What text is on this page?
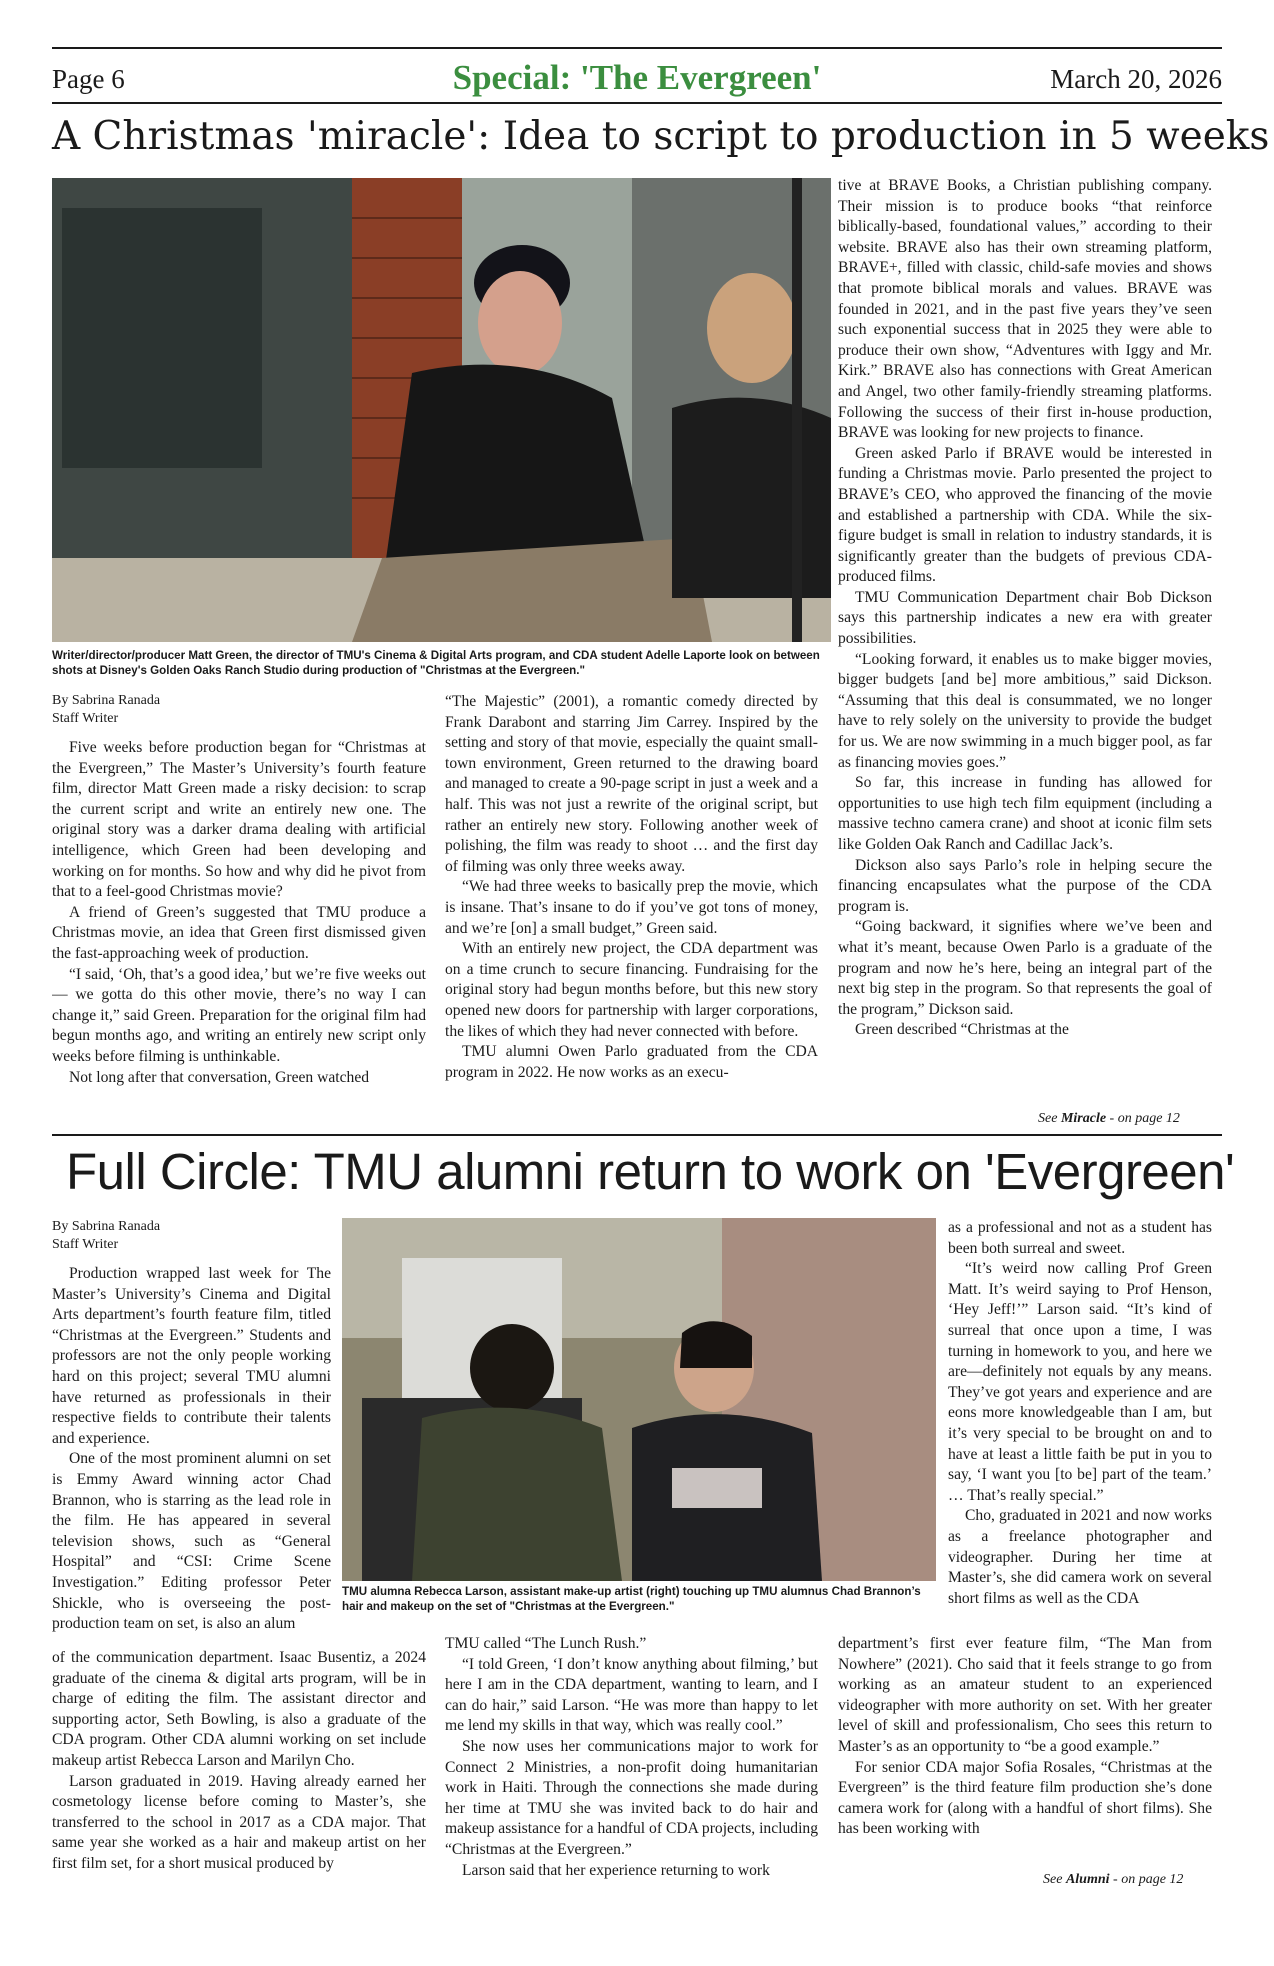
Page 6	Special: 'The Evergreen'	March 20, 2026
A Christmas 'miracle': Idea to script to production in 5 weeks
Writer/director/producer Matt Green, the director of TMU's Cinema & Digital Arts program, and CDA student Adelle Laporte look on between shots at Disney's Golden Oaks Ranch Studio during production of "Christmas at the Evergreen."
By Sabrina Ranada
Staff Writer

Five weeks before production began for “Christmas at the Evergreen,” The Master’s University’s fourth feature film, director Matt Green made a risky decision: to scrap the current script and write an entirely new one. The original story was a darker drama dealing with artificial intelligence, which Green had been developing and working on for months. So how and why did he pivot from that to a feel-good Christmas movie?

A friend of Green’s suggested that TMU produce a Christmas movie, an idea that Green first dismissed given the fast-approaching week of production.

“I said, ‘Oh, that’s a good idea,’ but we’re five weeks out — we gotta do this other movie, there’s no way I can change it,” said Green. Preparation for the original film had begun months ago, and writing an entirely new script only weeks before filming is unthinkable.

Not long after that conversation, Green watched

“The Majestic” (2001), a romantic comedy directed by Frank Darabont and starring Jim Carrey. Inspired by the setting and story of that movie, especially the quaint small-town environment, Green returned to the drawing board and managed to create a 90-page script in just a week and a half. This was not just a rewrite of the original script, but rather an entirely new story. Following another week of polishing, the film was ready to shoot … and the first day of filming was only three weeks away.

“We had three weeks to basically prep the movie, which is insane. That’s insane to do if you’ve got tons of money, and we’re [on] a small budget,” Green said.

With an entirely new project, the CDA department was on a time crunch to secure financing. Fundraising for the original story had begun months before, but this new story opened new doors for partnership with larger corporations, the likes of which they had never connected with before.

TMU alumni Owen Parlo graduated from the CDA program in 2022. He now works as an execu-

tive at BRAVE Books, a Christian publishing company. Their mission is to produce books “that reinforce biblically-based, foundational values,” according to their website. BRAVE also has their own streaming platform, BRAVE+, filled with classic, child-safe movies and shows that promote biblical morals and values. BRAVE was founded in 2021, and in the past five years they’ve seen such exponential success that in 2025 they were able to produce their own show, “Adventures with Iggy and Mr. Kirk.” BRAVE also has connections with Great American and Angel, two other family-friendly streaming platforms. Following the success of their first in-house production, BRAVE was looking for new projects to finance.

Green asked Parlo if BRAVE would be interested in funding a Christmas movie. Parlo presented the project to BRAVE’s CEO, who approved the financing of the movie and established a partnership with CDA. While the six-figure budget is small in relation to industry standards, it is significantly greater than the budgets of previous CDA-produced films.

TMU Communication Department chair Bob Dickson says this partnership indicates a new era with greater possibilities.

“Looking forward, it enables us to make bigger movies, bigger budgets [and be] more ambitious,” said Dickson. “Assuming that this deal is consummated, we no longer have to rely solely on the university to provide the budget for us. We are now swimming in a much bigger pool, as far as financing movies goes.”

So far, this increase in funding has allowed for opportunities to use high tech film equipment (including a massive techno camera crane) and shoot at iconic film sets like Golden Oak Ranch and Cadillac Jack’s.

Dickson also says Parlo’s role in helping secure the financing encapsulates what the purpose of the CDA program is.

“Going backward, it signifies where we’ve been and what it’s meant, because Owen Parlo is a graduate of the program and now he’s here, being an integral part of the next big step in the program. So that represents the goal of the program,” Dickson said.

Green described “Christmas at the

See Miracle - on page 12
Full Circle: TMU alumni return to work on 'Evergreen'
TMU alumna Rebecca Larson, assistant make-up artist (right) touching up TMU alumnus Chad Brannon’s hair and makeup on the set of "Christmas at the Evergreen."
By Sabrina Ranada
Staff Writer

Production wrapped last week for The Master’s University’s Cinema and Digital Arts department’s fourth feature film, titled “Christmas at the Evergreen.” Students and professors are not the only people working hard on this project; several TMU alumni have returned as professionals in their respective fields to contribute their talents and experience.

One of the most prominent alumni on set is Emmy Award winning actor Chad Brannon, who is starring as the lead role in the film. He has appeared in several television shows, such as “General Hospital” and “CSI: Crime Scene Investigation.” Editing professor Peter Shickle, who is overseeing the post-production team on set, is also an alum

of the communication department. Isaac Busentiz, a 2024 graduate of the cinema & digital arts program, will be in charge of editing the film. The assistant director and supporting actor, Seth Bowling, is also a graduate of the CDA program. Other CDA alumni working on set include makeup artist Rebecca Larson and Marilyn Cho.

Larson graduated in 2019. Having already earned her cosmetology license before coming to Master’s, she transferred to the school in 2017 as a CDA major. That same year she worked as a hair and makeup artist on her first film set, for a short musical produced by

TMU called “The Lunch Rush.”

“I told Green, ‘I don’t know anything about filming,’ but here I am in the CDA department, wanting to learn, and I can do hair,” said Larson. “He was more than happy to let me lend my skills in that way, which was really cool.”

She now uses her communications major to work for Connect 2 Ministries, a non-profit doing humanitarian work in Haiti. Through the connections she made during her time at TMU she was invited back to do hair and makeup assistance for a handful of CDA projects, including “Christmas at the Evergreen.”

Larson said that her experience returning to work

as a professional and not as a student has been both surreal and sweet.

“It’s weird now calling Prof Green Matt. It’s weird saying to Prof Henson, ‘Hey Jeff!’” Larson said. “It’s kind of surreal that once upon a time, I was turning in homework to you, and here we are—definitely not equals by any means. They’ve got years and experience and are eons more knowledgeable than I am, but it’s very special to be brought on and to have at least a little faith be put in you to say, ‘I want you [to be] part of the team.’ … That’s really special.”

Cho, graduated in 2021 and now works as a freelance photographer and videographer. During her time at Master’s, she did camera work on several short films as well as the CDA

department’s first ever feature film, “The Man from Nowhere” (2021). Cho said that it feels strange to go from working as an amateur student to an experienced videographer with more authority on set. With her greater level of skill and professionalism, Cho sees this return to Master’s as an opportunity to “be a good example.”

For senior CDA major Sofia Rosales, “Christmas at the Evergreen” is the third feature film production she’s done camera work for (along with a handful of short films). She has been working with

See Alumni - on page 12
